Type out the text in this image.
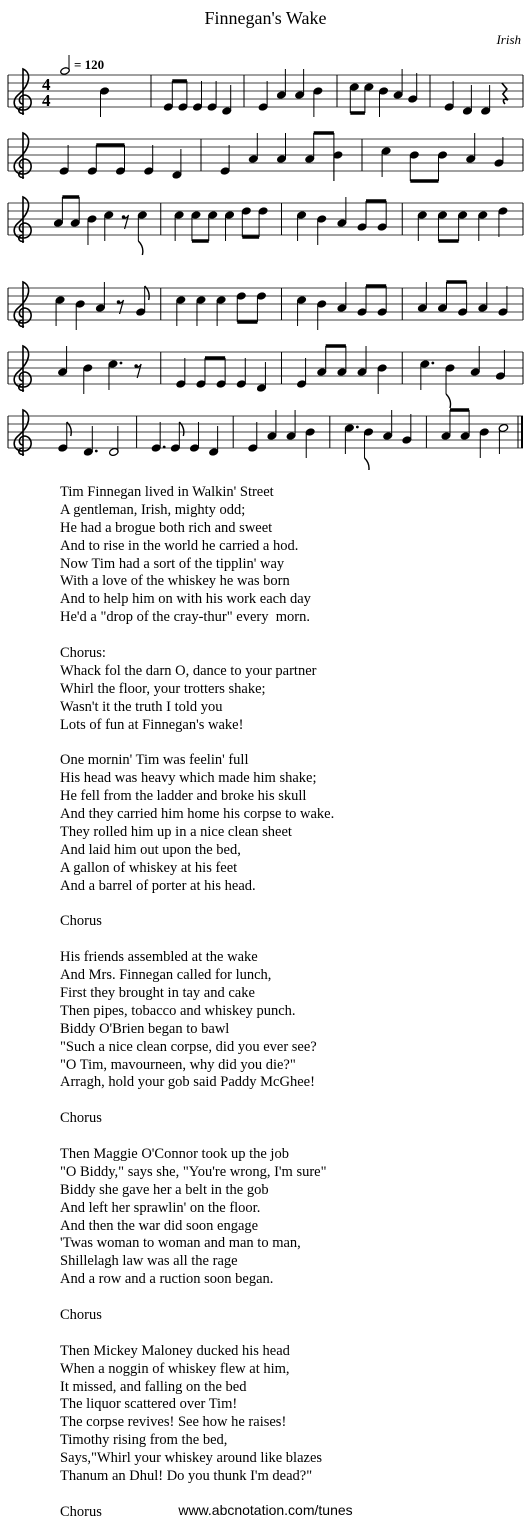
Finnegan's Wake
Irish
= 120
4
4
Tim Finnegan lived in Walkin' Street
A gentleman, Irish, mighty odd;
He had a brogue both rich and sweet
And to rise in the world he carried a hod.
Now Tim had a sort of the tipplin' way
With a love of the whiskey he was born
And to help him on with his work each day
He'd a "drop of the cray-thur" every  morn.
Chorus:
Whack fol the darn O, dance to your partner
Whirl the floor, your trotters shake;
Wasn't it the truth I told you
Lots of fun at Finnegan's wake!
One mornin' Tim was feelin' full
His head was heavy which made him shake;
He fell from the ladder and broke his skull
And they carried him home his corpse to wake.
They rolled him up in a nice clean sheet
And laid him out upon the bed,
A gallon of whiskey at his feet
And a barrel of porter at his head.
Chorus
His friends assembled at the wake
And Mrs. Finnegan called for lunch,
First they brought in tay and cake
Then pipes, tobacco and whiskey punch.
Biddy O'Brien began to bawl
"Such a nice clean corpse, did you ever see?
"O Tim, mavourneen, why did you die?"
Arragh, hold your gob said Paddy McGhee!
Chorus
Then Maggie O'Connor took up the job
"O Biddy," says she, "You're wrong, I'm sure"
Biddy she gave her a belt in the gob
And left her sprawlin' on the floor.
And then the war did soon engage
'Twas woman to woman and man to man,
Shillelagh law was all the rage
And a row and a ruction soon began.
Chorus
Then Mickey Maloney ducked his head
When a noggin of whiskey flew at him,
It missed, and falling on the bed
The liquor scattered over Tim!
The corpse revives! See how he raises!
Timothy rising from the bed,
Says,"Whirl your whiskey around like blazes
Thanum an Dhul! Do you thunk I'm dead?"
Chorus	www.abcnotation.com/tunes
